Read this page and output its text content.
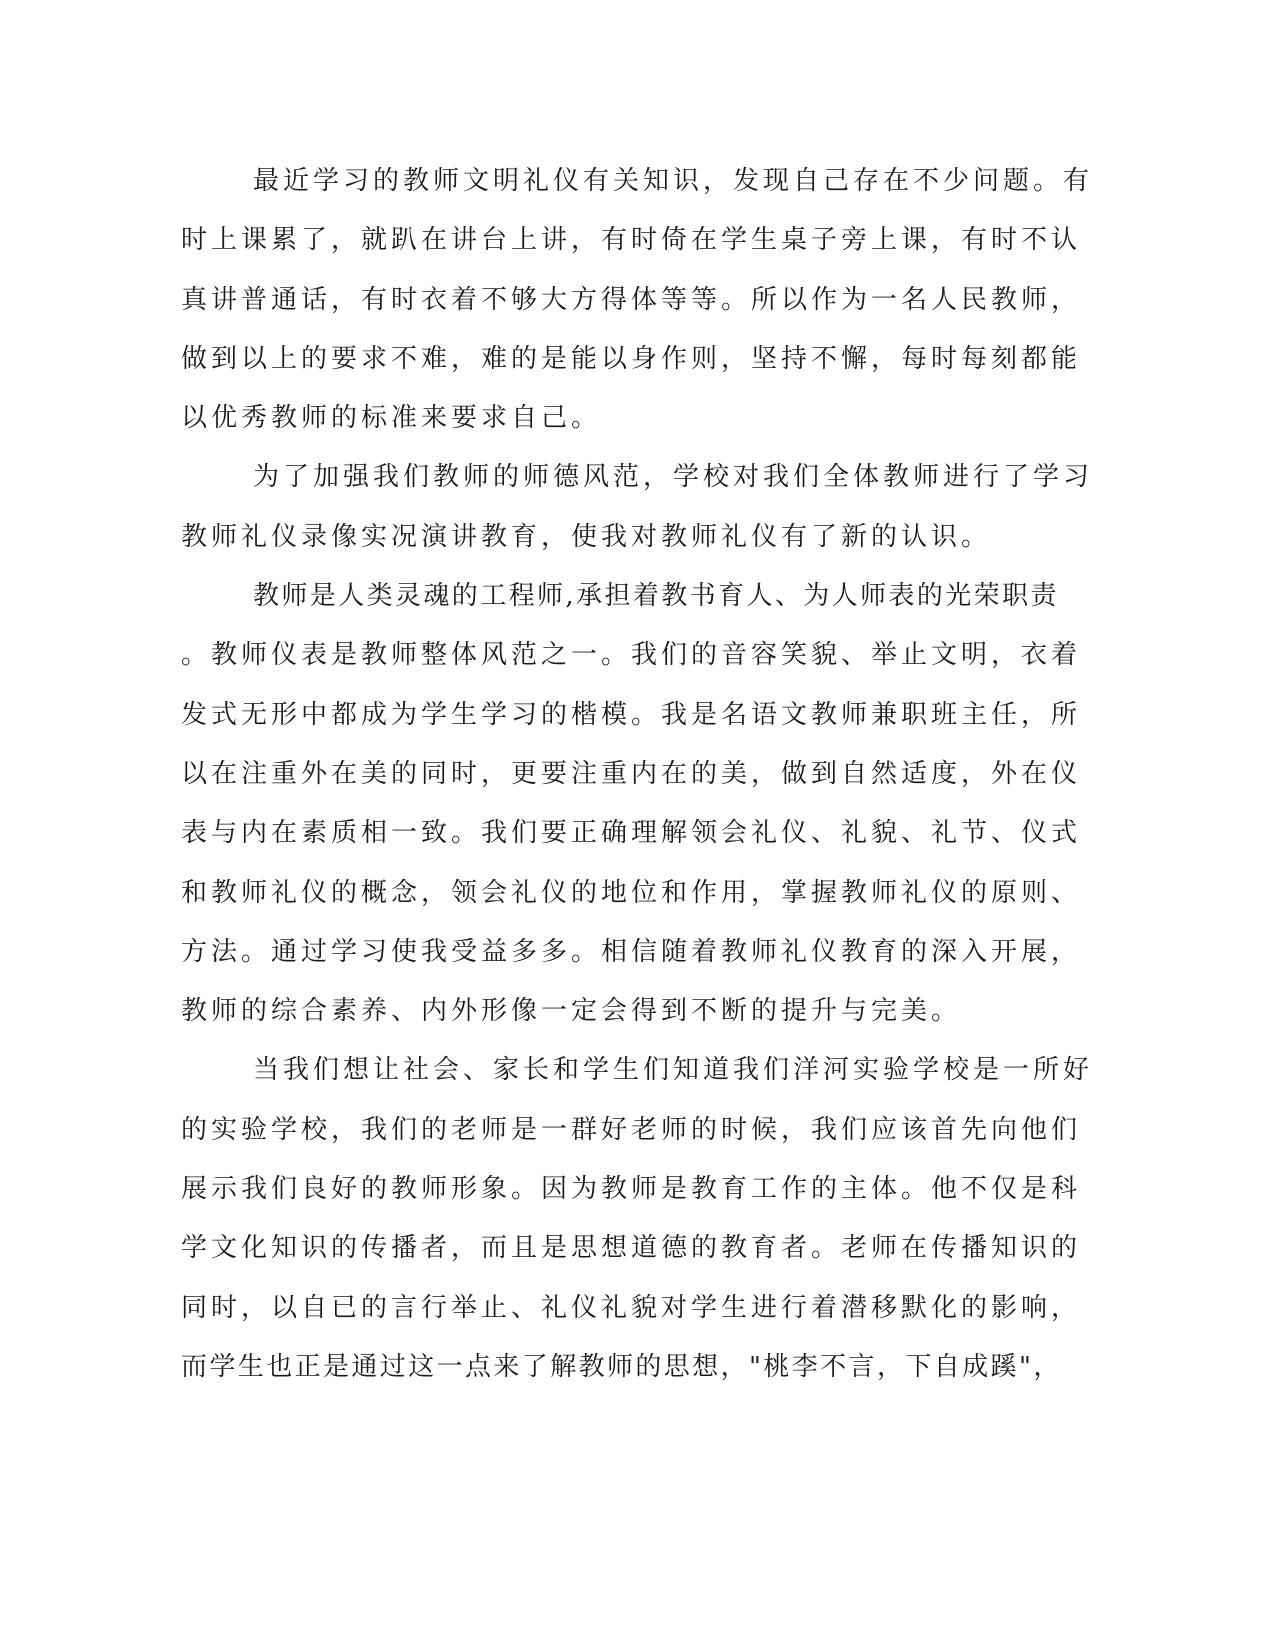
最近学习的教师文明礼仪有关知识，发现自己存在不少问题。有
时上课累了，就趴在讲台上讲，有时倚在学生桌子旁上课，有时不认
真讲普通话，有时衣着不够大方得体等等。所以作为一名人民教师，
做到以上的要求不难，难的是能以身作则，坚持不懈，每时每刻都能
以优秀教师的标准来要求自己。
为了加强我们教师的师德风范，学校对我们全体教师进行了学习
教师礼仪录像实况演讲教育，使我对教师礼仪有了新的认识。
教师是人类灵魂的工程师,承担着教书育人、为人师表的光荣职责
。教师仪表是教师整体风范之一。我们的音容笑貌、举止文明，衣着
发式无形中都成为学生学习的楷模。我是名语文教师兼职班主任，所
以在注重外在美的同时，更要注重内在的美，做到自然适度，外在仪
表与内在素质相一致。我们要正确理解领会礼仪、礼貌、礼节、仪式
和教师礼仪的概念，领会礼仪的地位和作用，掌握教师礼仪的原则、
方法。通过学习使我受益多多。相信随着教师礼仪教育的深入开展，
教师的综合素养、内外形像一定会得到不断的提升与完美。
当我们想让社会、家长和学生们知道我们洋河实验学校是一所好
的实验学校，我们的老师是一群好老师的时候，我们应该首先向他们
展示我们良好的教师形象。因为教师是教育工作的主体。他不仅是科
学文化知识的传播者，而且是思想道德的教育者。老师在传播知识的
同时，以自已的言行举止、礼仪礼貌对学生进行着潜移默化的影响，
而学生也正是通过这一点来了解教师的思想，"桃李不言，下自成蹊"，
